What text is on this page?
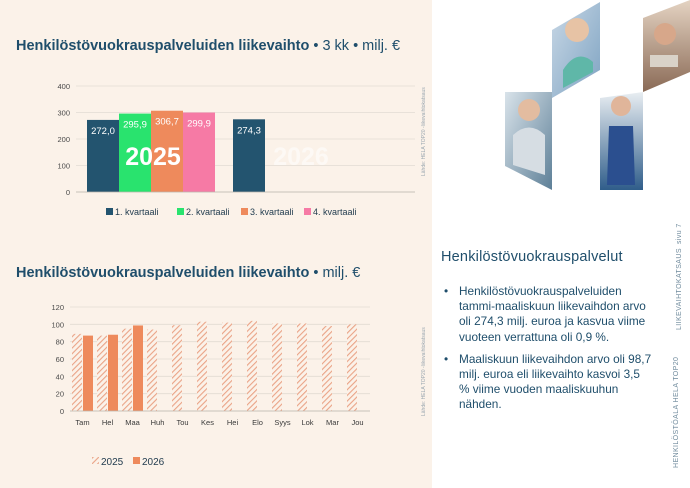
Henkilöstövuokrauspalveluiden liikevaihto • 3 kk • milj. €
0
100
200
300
400
272,0
295,9 306,7 299,9
2025
274,3
2026
1. kvartaali	2. kvartaali 3. kvartaali 4. kvartaali
Lähde: HELA TOP20 -liikevaihtokatsaus
Henkilöstövuokrauspalveluiden liikevaihto • milj. €
0
20
40
60
80
100
120
Tam Hel Maa Huh Tou Kes Hei Elo Syys Lok Mar Jou
2025 2026
Lähde: HELA TOP20 -liikevaihtokatsaus
Henkilöstövuokrauspalvelut
• Henkilöstövuokrauspalveluiden tammi-maaliskuun liikevaihdon arvo oli 274,3 milj. euroa ja kasvua viime vuoteen verrattuna oli 0,9 %.
• Maaliskuun liikevaihdon arvo oli 98,7 milj. euroa eli liikevaihto kasvoi 3,5 % viime vuoden maaliskuuhun nähden.	HENKILÖSTÖALA HELA TOP20
LIIKEVAIHTOKATSAUS
sivu 7
